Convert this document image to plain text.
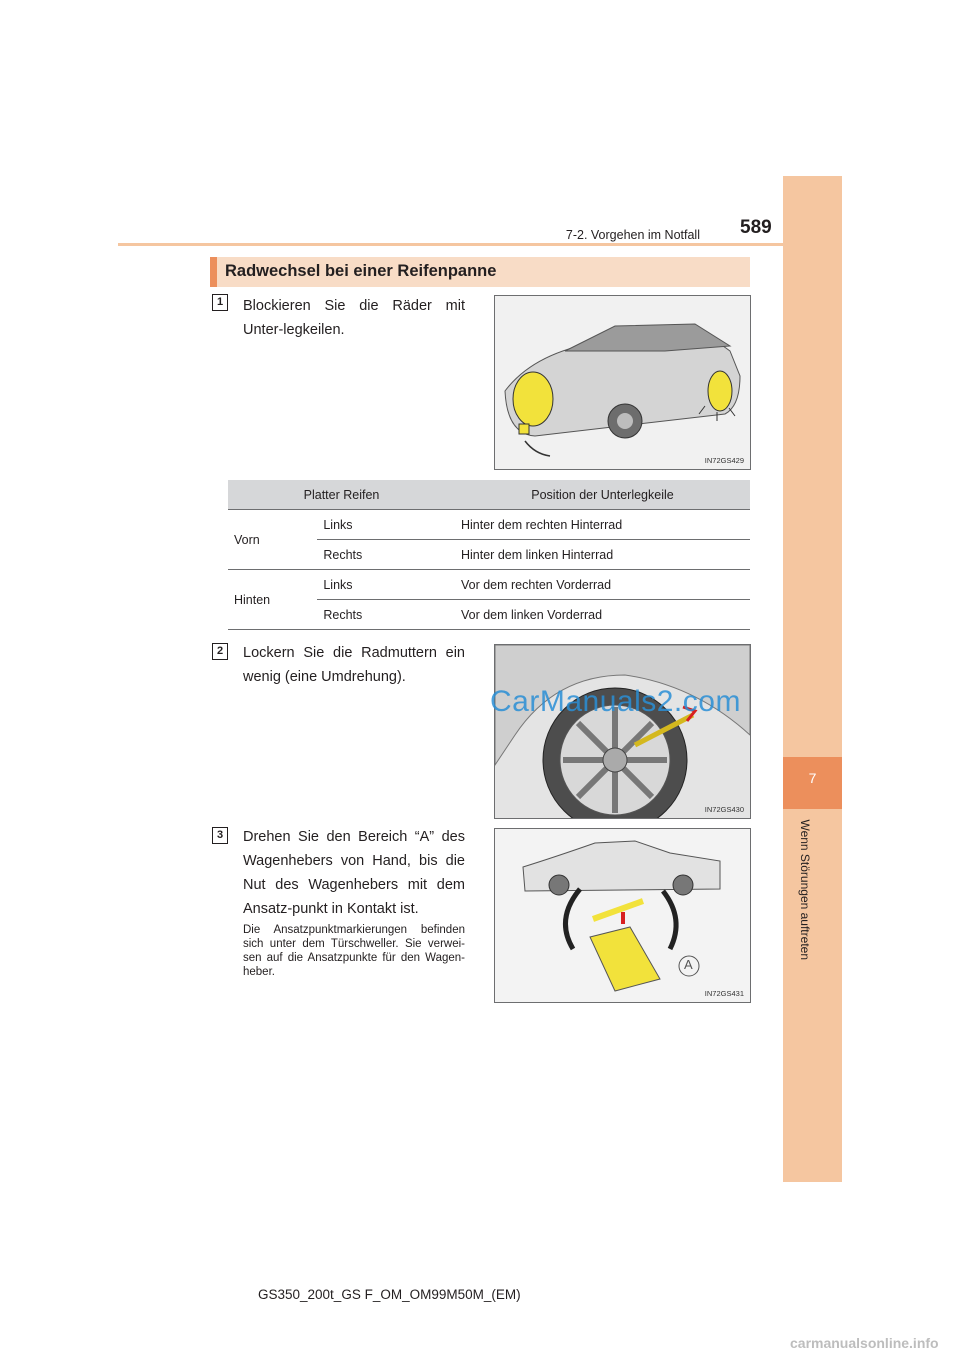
7
Wenn Störungen auftreten
7-2. Vorgehen im Notfall 589
Radwechsel bei einer Reifenpanne
1	Blockieren Sie die Räder mit Unter-legkeilen.
IN72GS429
Platter Reifen		Position der Unterlegkeile
Vorn	Links	Hinter dem rechten Hinterrad
	Rechts	Hinter dem linken Hinterrad
Hinten	Links	Vor dem rechten Vorderrad
	Rechts	Vor dem linken Vorderrad
2	Lockern Sie die Radmuttern ein wenig (eine Umdrehung).
IN72GS430
CarManuals2.com
3	Drehen Sie den Bereich “A” des Wagenhebers von Hand, bis die Nut des Wagenhebers mit dem Ansatz-punkt in Kontakt ist.
Die Ansatzpunktmarkierungen befinden sich unter dem Türschweller. Sie verwei-sen auf die Ansatzpunkte für den Wagen-heber.	A
IN72GS431
GS350_200t_GS F_OM_OM99M50M_(EM)
carmanualsonline.info
